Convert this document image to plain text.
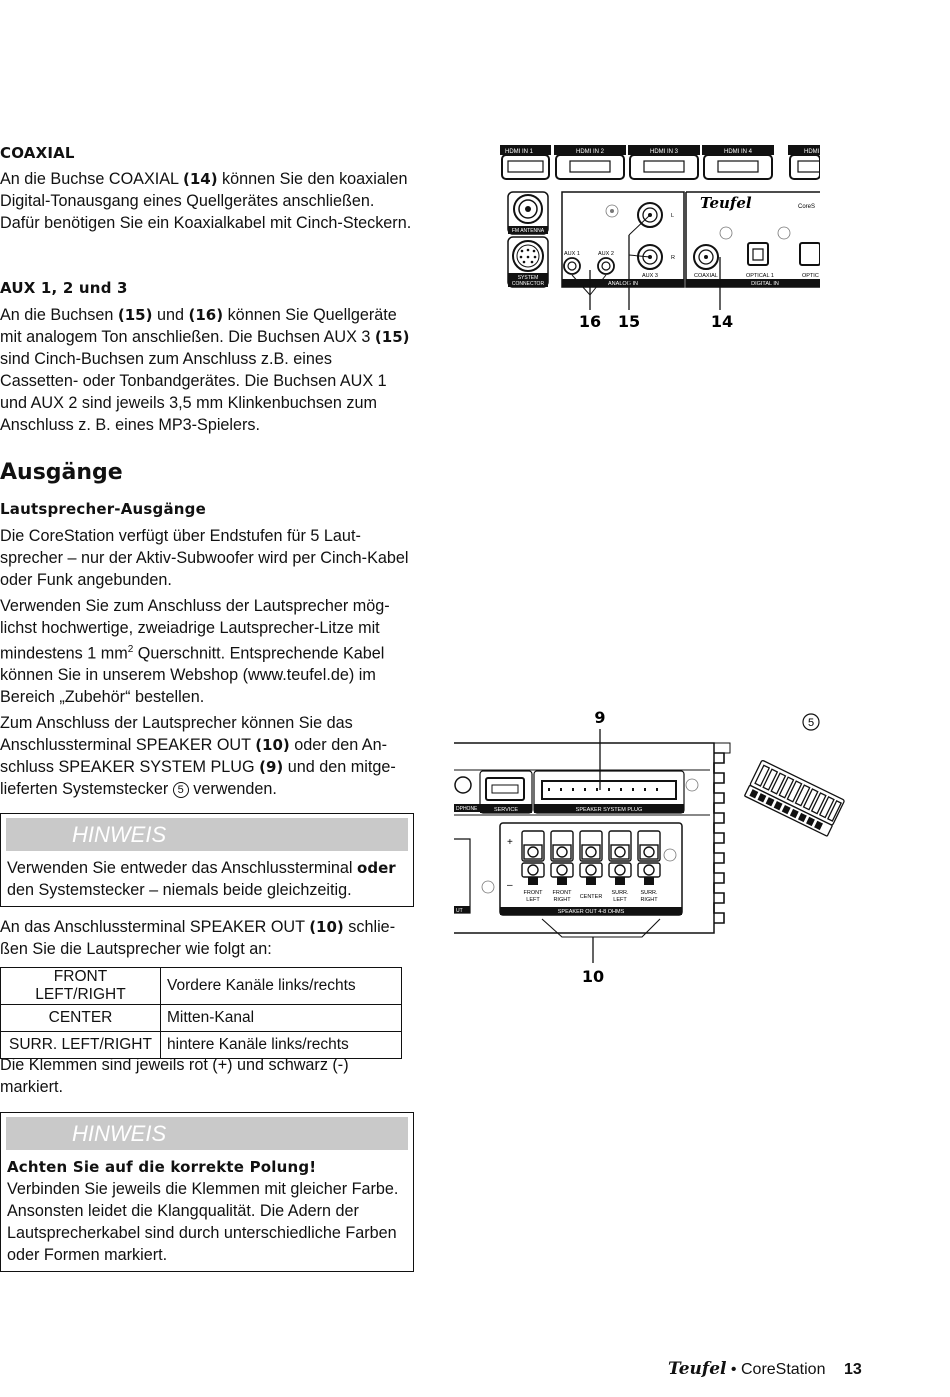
COAXIAL

An die Buchse COAXIAL (14) können Sie den koaxialen Digital-Tonausgang eines Quellgerätes anschließen. Dafür benötigen Sie ein Koaxialkabel mit Cinch-Steckern.

AUX 1, 2 und 3

An die Buchsen (15) und (16) können Sie Quellgeräte mit analogem Ton anschließen. Die Buchsen AUX 3 (15) sind Cinch-Buchsen zum Anschluss z.B. eines Cassetten- oder Tonbandgerätes. Die Buchsen AUX 1 und AUX 2 sind jeweils 3,5 mm Klinkenbuchsen zum Anschluss z. B. eines MP3-Spielers.

Ausgänge

Lautsprecher-Ausgänge

Die CoreStation verfügt über Endstufen für 5 Lautsprecher – nur der Aktiv-Subwoofer wird per Cinch-Kabel oder Funk angebunden.

Verwenden Sie zum Anschluss der Lautsprecher möglichst hochwertige, zweiadrige Lautsprecher-Litze mit mindestens 1 $mm^2$ Querschnitt. Entsprechende Kabel können Sie in unserem Webshop (www.teufel.de) im Bereich „Zubehör“ bestellen.

Zum Anschluss der Lautsprecher können Sie das Anschlussterminal SPEAKER OUT (10) oder den Anschluss SPEAKER SYSTEM PLUG (9) und den mitgelieferten Systemstecker 5 verwenden.

HINWEIS
Verwenden Sie entweder das Anschlussterminal oder den Systemstecker – niemals beide gleichzeitig.

An das Anschlussterminal SPEAKER OUT (10) schließen Sie die Lautsprecher wie folgt an:

FRONT LEFT/RIGHT	Vordere Kanäle links/rechts
CENTER	Mitten-Kanal
SURR. LEFT/RIGHT	hintere Kanäle links/rechts

Die Klemmen sind jeweils rot (+) und schwarz (-) markiert.

HINWEIS

Achten Sie auf die korrekte Polung!

Verbinden Sie jeweils die Klemmen mit gleicher Farbe. Ansonsten leidet die Klangqualität. Die Adern der Lautsprecherkabel sind durch unterschiedliche Farben oder Formen markiert.

HDMI IN 1	HDMI IN 2	HDMI IN 3	HDMI IN 4	HDMI
FM ANTENNA
SYSTEM
CONNECTOR	ANALOG IN
AUX 1	AUX 2
L
R
AUX 3
DIGITAL IN
Teufel	CoreS
COAXIAL	OPTICAL 1	OPTIC
16 15	14
9	5
DPHONE	SERVICE	SPEAKER SYSTEM PLUG
UT	SPEAKER OUT 4-8 OHMS
+
–
FRONT
LEFT
FRONT
RIGHT CENTER
SURR.
LEFT
SURR.
RIGHT
10
Teufel • CoreStation 13
